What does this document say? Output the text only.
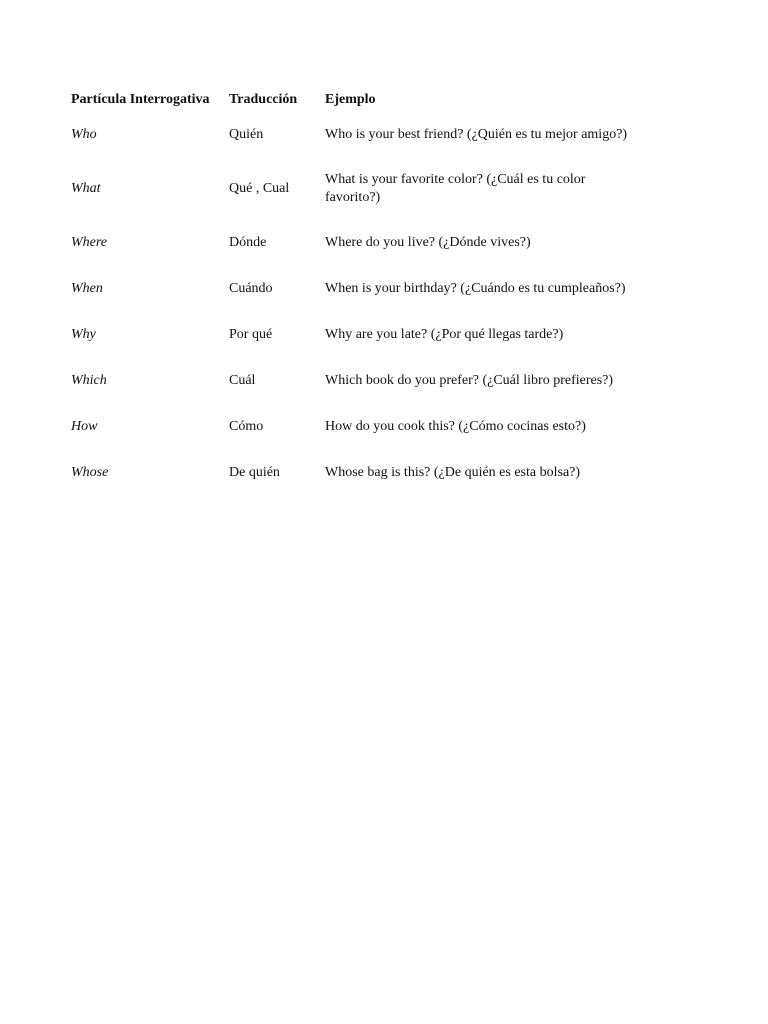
Partícula Interrogativa	Traducción	Ejemplo
Who	Quién	Who is your best friend? (¿Quién es tu mejor amigo?)
What	Qué , Cual	What is your favorite color? (¿Cuál es tu color favorito?)
Where	Dónde	Where do you live? (¿Dónde vives?)
When	Cuándo	When is your birthday? (¿Cuándo es tu cumpleaños?)
Why	Por qué	Why are you late? (¿Por qué llegas tarde?)
Which	Cuál	Which book do you prefer? (¿Cuál libro prefieres?)
How	Cómo	How do you cook this? (¿Cómo cocinas esto?)
Whose	De quién	Whose bag is this? (¿De quién es esta bolsa?)
